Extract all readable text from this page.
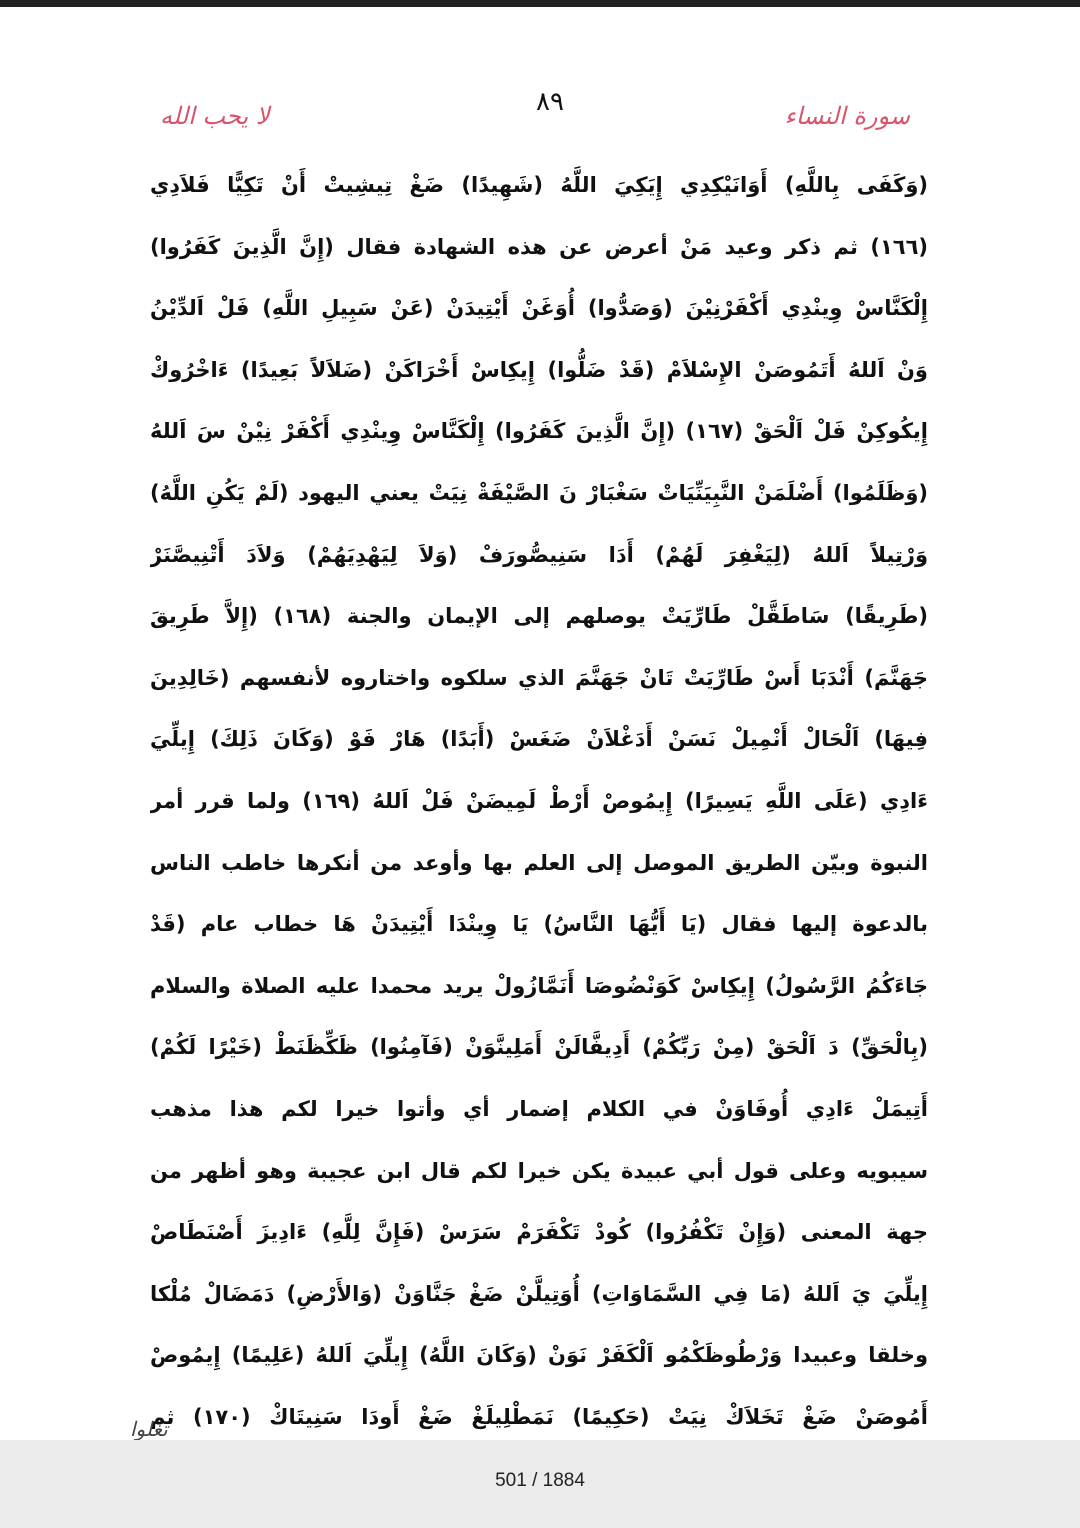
سورة النساء
٨٩
لا يحب الله
(وَكَفَى بِاللَّهِ) أَوَانَيْكِدِي إِيَكِيَ اللَّهُ (شَهِيدًا) ضَغْ تِيشِيتْ أَنْ تَكِيًّا فَلاَدِي
(١٦٦) ثم ذكر وعيد مَنْ أعرض عن هذه الشهادة فقال (إِنَّ الَّذِينَ كَفَرُوا)
إِلْكَنَّاسْ وِينْدِي أَكْفَرْنِيْنَ (وَصَدُّوا) أُوَغَنْ أَيْتِيدَنْ (عَنْ سَبِيلِ اللَّهِ) فَلْ اَلدِّيْنُ
وَنْ اَللهُ أَتَمُوصَنْ الإِسْلاَمْ (قَدْ ضَلُّوا) إِيكِاسْ أَخْرَاكَنْ (ضَلاَلاً بَعِيدًا) ءَاخْرُوكْ
إِيكُوكِنْ فَلْ اَلْحَقْ (١٦٧) (إِنَّ الَّذِينَ كَفَرُوا) إِلْكَنَّاسْ وِينْدِي أَكْفَرْ نِيْنْ سَ اَللهُ
(وَظَلَمُوا) أَضْلَمَنْ النَّبِيَنِّيَاتْ سَغْبَارْ نَ الصَّيْفَةْ نِيَتْ يعني اليهود (لَمْ يَكُنِ اللَّهُ)
وَرْتِيلاً اَللهُ (لِيَغْفِرَ لَهُمْ) أَدَا سَنِيصُّورَفْ (وَلاَ لِيَهْدِيَهُمْ) وَلاَدَ أَتْنِيصَّنَرْ
(طَرِيقًا) سَاطَقَّلْ طَارِّيَتْ يوصلهم إلى الإيمان والجنة (١٦٨) (إِلاَّ طَرِيقَ
جَهَنَّمَ) أَنْدَبَا أَسْ طَارِّيَتْ تَانْ جَهَنَّمَ الذي سلكوه واختاروه لأنفسهم (خَالِدِينَ
فِيهَا) اَلْحَالْ أَنْمِيلْ نَسَنْ أَدَغْلاَنْ ضَغَسْ (أَبَدًا) هَارْ فَوْ (وَكَانَ ذَلِكَ) إِيلِّيَ
ءَادِي (عَلَى اللَّهِ يَسِيرًا) إِيمُوصْ أَرْطْ لَمِيضَنْ فَلْ اَللهُ (١٦٩) ولما قرر أمر
النبوة وبيّن الطريق الموصل إلى العلم بها وأوعد من أنكرها خاطب الناس
بالدعوة إليها فقال (يَا أَيُّهَا النَّاسُ) يَا وِينْدَا أَيْتِيدَنْ هَا خطاب عام (قَدْ
جَاءَكُمُ الرَّسُولُ) إِيكِاسْ كَوَنْضُوصَا أَنَمَّازُولْ يريد محمدا عليه الصلاة والسلام
(بِالْحَقِّ) دَ اَلْحَقْ (مِنْ رَبِّكُمْ) أَدِيفَّالَنْ أَمَلِينَّوَنْ (فَآمِنُوا) ظَكِّظَنَطْ (خَيْرًا لَكُمْ)
أَتِيمَلْ ءَادِي أُوفَاوَنْ في الكلام إضمار أي وأتوا خيرا لكم هذا مذهب
سيبويه وعلى قول أبي عبيدة يكن خيرا لكم قال ابن عجيبة وهو أظهر من
جهة المعنى (وَإِنْ تَكْفُرُوا) كُودْ تَكْفَرَمْ سَرَسْ (فَإِنَّ لِلَّهِ) ءَادِيزَ أَصْنَطَاصْ
إِيلِّيَ يَ اَللهُ (مَا فِي السَّمَاوَاتِ) أُوَتِيلَّنْ ضَغْ جَنَّاوَنْ (وَالأَرْضِ) دَمَضَالْ مُلْكا
وخلقا وعبيدا وَرْطُوظَكْمُو اَلْكَفَرْ نَوَنْ (وَكَانَ اللَّهُ) إِيلِّيَ اَللهُ (عَلِيمًا) إِيمُوصْ
أَمُوصَنْ ضَغْ تَخَلاَكْ نِيَتْ (حَكِيمًا) نَمَطْلِيلَغْ ضَغْ أَودَا سَنِيتَاكْ (١٧٠) ثم
تغلوا
501 / 1884
